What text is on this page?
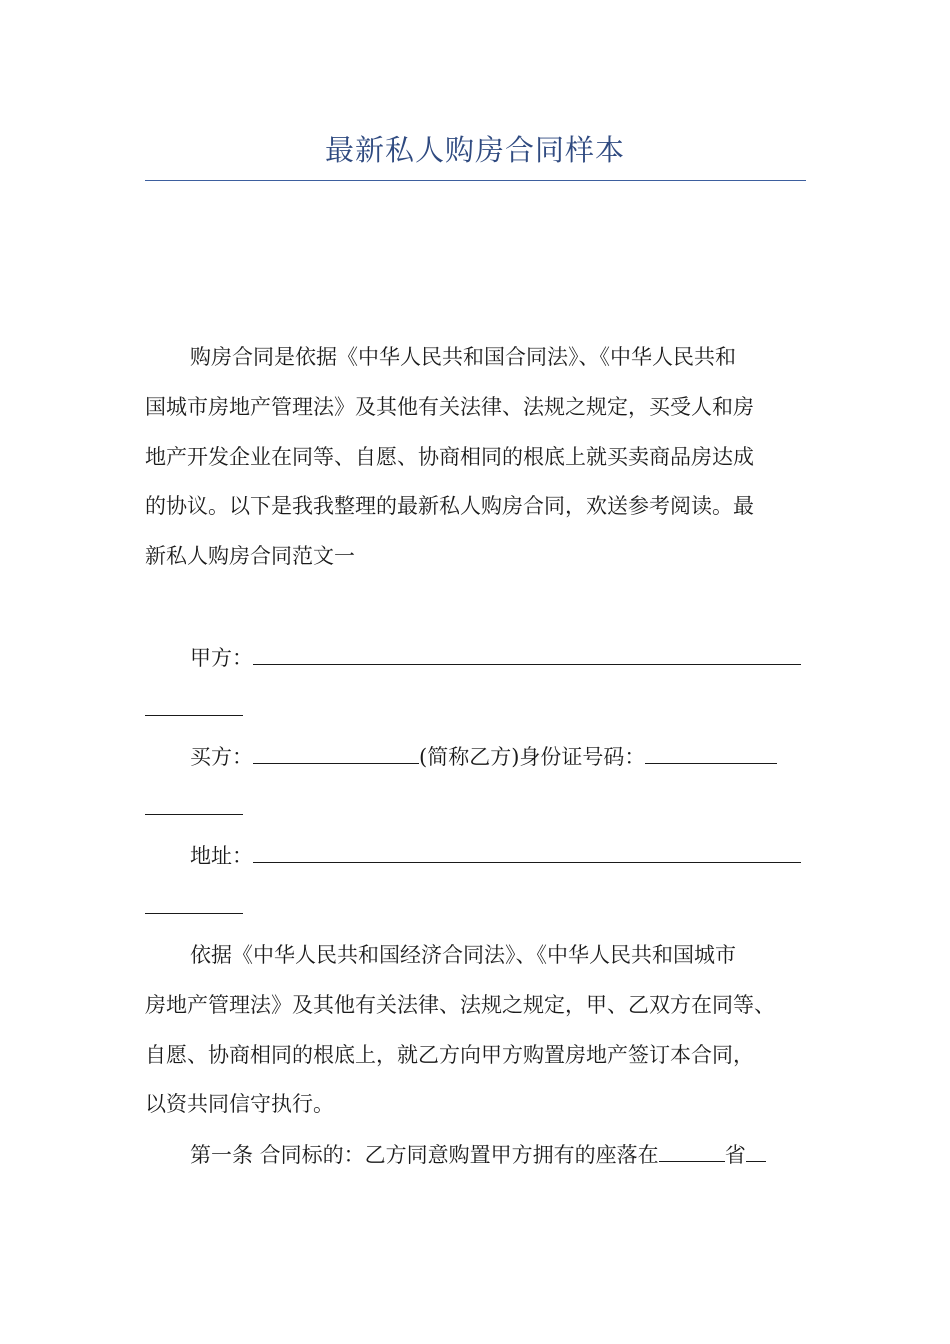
最新私人购房合同样本
购房合同是依据《中华人民共和国合同法》、《中华人民共和
国城市房地产管理法》及其他有关法律、法规之规定，买受人和房
地产开发企业在同等、自愿、协商相同的根底上就买卖商品房达成
的协议。以下是我我整理的最新私人购房合同，欢送参考阅读。最
新私人购房合同范文一
甲方：
买方：	(简称乙方)身份证号码：
地址：
依据《中华人民共和国经济合同法》、《中华人民共和国城市
房地产管理法》及其他有关法律、法规之规定，甲、乙双方在同等、
自愿、协商相同的根底上，就乙方向甲方购置房地产签订本合同，
以资共同信守执行。
第一条 合同标的：乙方同意购置甲方拥有的座落在	省
